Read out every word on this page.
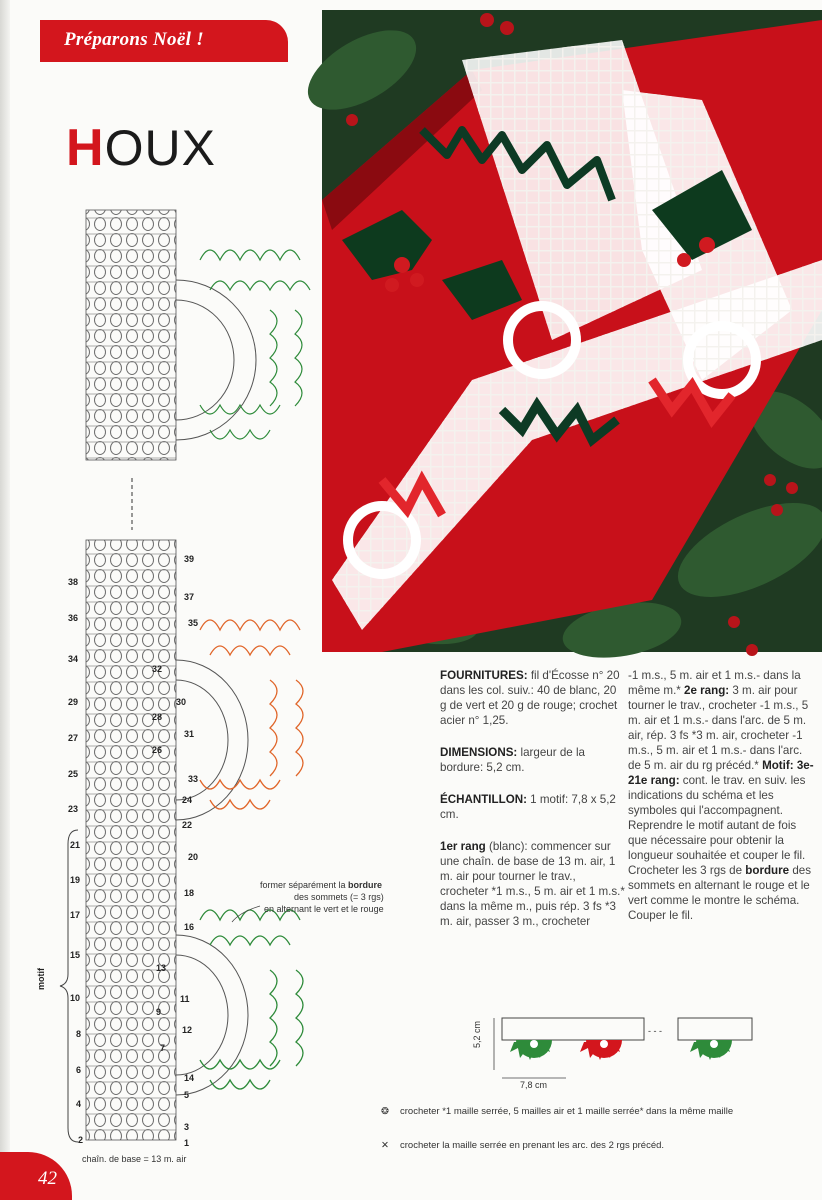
Préparons Noël !
HOUX
motif
38
36
34
29
27
25
23
21
19
17
15
10
8
6
4
2
39
37
35
32
30
28
31
26
33
24
22
20
18
16
13
11
9
12
7
14
5
3
1
former séparément la bordure
des sommets (= 3 rgs)
en alternant le vert et le rouge
chaîn. de base = 13 m. air

FOURNITURES: fil d'Écosse n° 20 dans les col. suiv.: 40 de blanc, 20 g de vert et 20 g de rouge; crochet acier n° 1,25.

DIMENSIONS: largeur de la bordure: 5,2 cm.

ÉCHANTILLON: 1 motif: 7,8 x 5,2 cm.

1er rang (blanc): commencer sur une chaîn. de base de 13 m. air, 1 m. air pour tourner le trav., crocheter *1 m.s., 5 m. air et 1 m.s.* dans la même m., puis rép. 3 fs *3 m. air, passer 3 m., crocheter

-1 m.s., 5 m. air et 1 m.s.- dans la même m.* 2e rang: 3 m. air pour tourner le trav., crocheter -1 m.s., 5 m. air et 1 m.s.- dans l'arc. de 5 m. air, rép. 3 fs *3 m. air, crocheter -1 m.s., 5 m. air et 1 m.s.- dans l'arc. de 5 m. air du rg précéd.* Motif: 3e-21e rang: cont. le trav. en suiv. les indications du schéma et les symboles qui l'accompagnent. Reprendre le motif autant de fois que nécessaire pour obtenir la longueur souhaitée et couper le fil. Crocheter les 3 rgs de bordure des sommets en alternant le rouge et le vert comme le montre le schéma. Couper le fil.

- - -
5,2 cm
7,8 cm
❂ crocheter *1 maille serrée, 5 mailles air et 1 maille serrée* dans la même maille
✕ crocheter la maille serrée en prenant les arc. des 2 rgs précéd.
42
